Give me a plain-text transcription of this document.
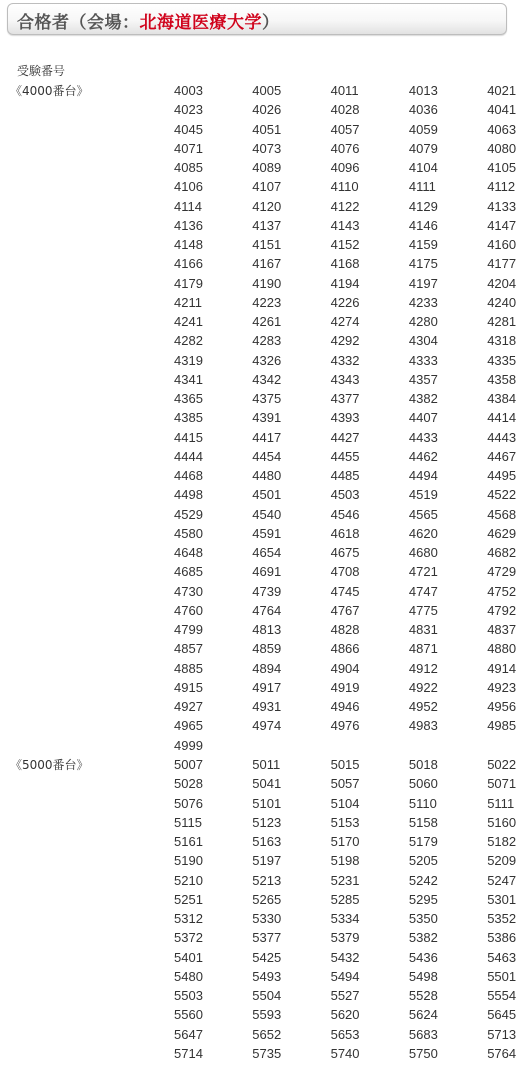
合格者（会場：北海道医療大学）
受験番号
《4000番台》	4003	4005	4011	4013	4021
4023	4026	4028	4036	4041
4045	4051	4057	4059	4063
4071	4073	4076	4079	4080
4085	4089	4096	4104	4105
4106	4107	4110	4111	4112
4114	4120	4122	4129	4133
4136	4137	4143	4146	4147
4148	4151	4152	4159	4160
4166	4167	4168	4175	4177
4179	4190	4194	4197	4204
4211	4223	4226	4233	4240
4241	4261	4274	4280	4281
4282	4283	4292	4304	4318
4319	4326	4332	4333	4335
4341	4342	4343	4357	4358
4365	4375	4377	4382	4384
4385	4391	4393	4407	4414
4415	4417	4427	4433	4443
4444	4454	4455	4462	4467
4468	4480	4485	4494	4495
4498	4501	4503	4519	4522
4529	4540	4546	4565	4568
4580	4591	4618	4620	4629
4648	4654	4675	4680	4682
4685	4691	4708	4721	4729
4730	4739	4745	4747	4752
4760	4764	4767	4775	4792
4799	4813	4828	4831	4837
4857	4859	4866	4871	4880
4885	4894	4904	4912	4914
4915	4917	4919	4922	4923
4927	4931	4946	4952	4956
4965	4974	4976	4983	4985
4999				
《5000番台》	5007	5011	5015	5018	5022
5028	5041	5057	5060	5071
5076	5101	5104	5110	5111
5115	5123	5153	5158	5160
5161	5163	5170	5179	5182
5190	5197	5198	5205	5209
5210	5213	5231	5242	5247
5251	5265	5285	5295	5301
5312	5330	5334	5350	5352
5372	5377	5379	5382	5386
5401	5425	5432	5436	5463
5480	5493	5494	5498	5501
5503	5504	5527	5528	5554
5560	5593	5620	5624	5645
5647	5652	5653	5683	5713
5714	5735	5740	5750	5764
